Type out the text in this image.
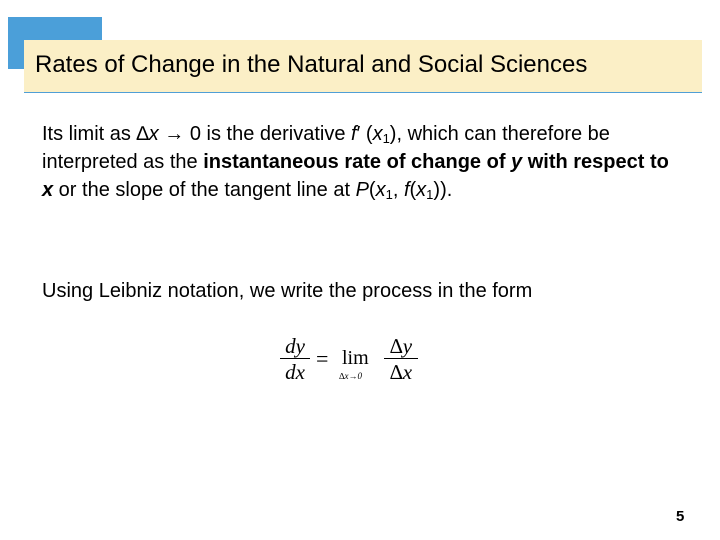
Rates of Change in the Natural and Social Sciences
Its limit as ∆x → 0 is the derivative f′ $(x_1)$, which can therefore be interpreted as the instantaneous rate of change of y with respect to x or the slope of the tangent line at $P(x_1$, $f(x_1)$).
Using Leibniz notation, we write the process in the form
dy
dx
= lim
∆x→0
∆y
∆x
5
